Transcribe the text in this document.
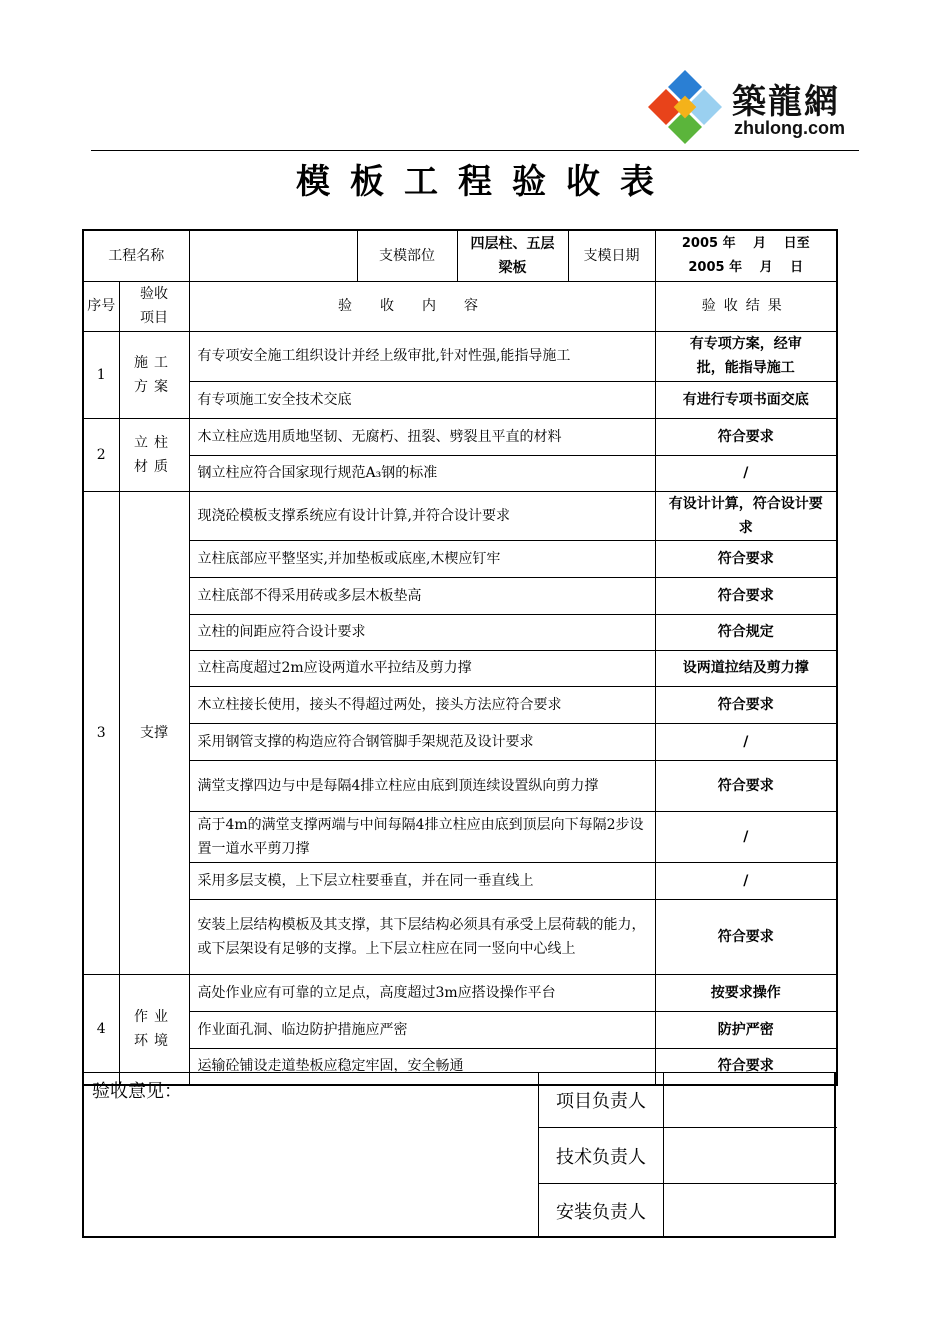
築龍網
zhulong.com
模板工程验收表
工程名称			支模部位	四层柱、五层梁板	支模日期	2005 年　 月　 日至
2005 年　 月　 日

序号	验收项目	验收内容				验收结果
1	施工方案	有专项安全施工组织设计并经上级审批,针对性强,能指导施工				有专项方案，经审批，能指导施工
		有专项施工安全技术交底				有进行专项书面交底
2	立柱材质	木立柱应选用质地坚韧、无腐朽、扭裂、劈裂且平直的材料				符合要求
		钢立柱应符合国家现行规范A₃钢的标准				/
3	支撑	现浇砼模板支撑系统应有设计计算,并符合设计要求				有设计计算，符合设计要求
		立柱底部应平整坚实,并加垫板或底座,木楔应钉牢				符合要求
		立柱底部不得采用砖或多层木板垫高				符合要求
		立柱的间距应符合设计要求				符合规定
		立柱高度超过2m应设两道水平拉结及剪力撑				设两道拉结及剪力撑
		木立柱接长使用，接头不得超过两处，接头方法应符合要求				符合要求
		采用钢管支撑的构造应符合钢管脚手架规范及设计要求				/
		满堂支撑四边与中是每隔4排立柱应由底到顶连续设置纵向剪力撑				符合要求
		高于4m的满堂支撑两端与中间每隔4排立柱应由底到顶层向下每隔2步设置一道水平剪刀撑				/
		采用多层支模，上下层立柱要垂直，并在同一垂直线上				/
		安装上层结构模板及其支撑，其下层结构必须具有承受上层荷载的能力，或下层架设有足够的支撑。上下层立柱应在同一竖向中心线上				符合要求
4	作业环境	高处作业应有可靠的立足点，高度超过3m应搭设操作平台				按要求操作
		作业面孔洞、临边防护措施应严密				防护严密
		运输砼铺设走道垫板应稳定牢固，安全畅通				符合要求
验收意见：	项目负责人	
技术负责人	
安装负责人	
